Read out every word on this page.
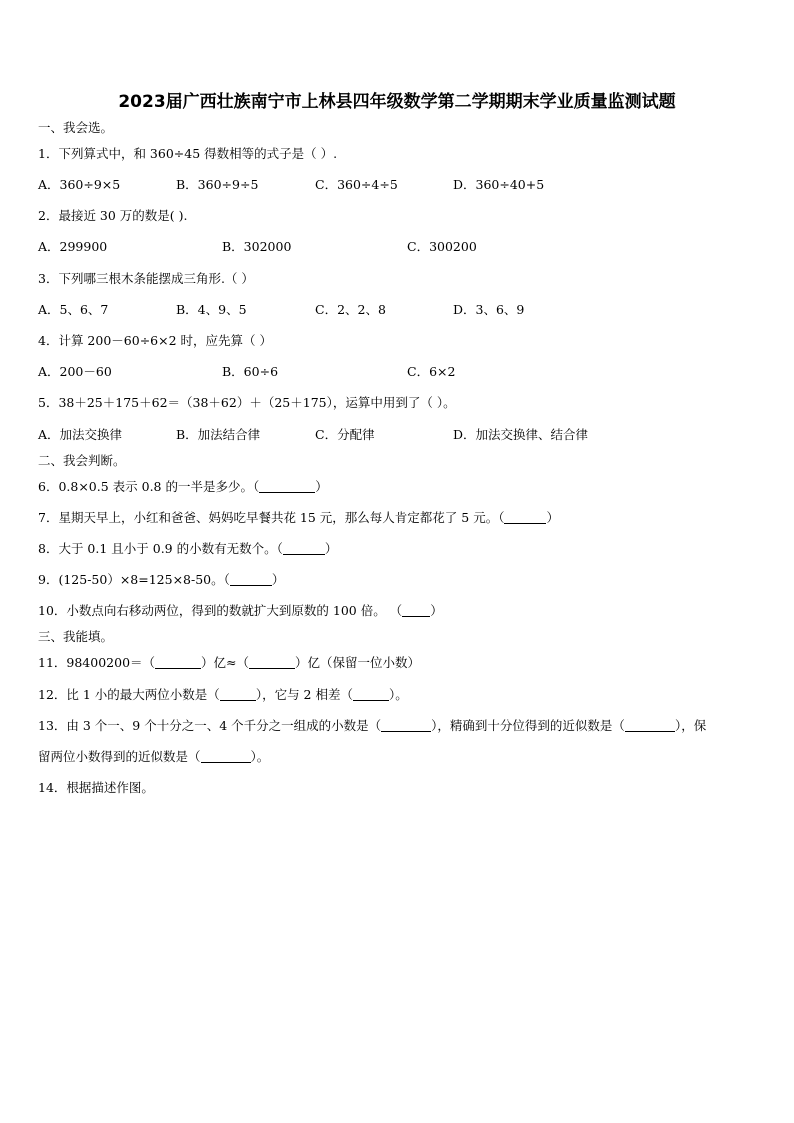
2023届广西壮族南宁市上林县四年级数学第二学期期末学业质量监测试题
一、我会选。
1．下列算式中，和 360÷45 得数相等的式子是（ ）.
A．360÷9×5	B．360÷9÷5	C．360÷4÷5	D．360÷40+5
2．最接近 30 万的数是( ).
A．299900	B．302000	C．300200
3．下列哪三根木条能摆成三角形.（ ）
A．5、6、7	B．4、9、5	C．2、2、8	D．3、6、9
4．计算 200－60÷6×2 时，应先算（ ）
A．200－60	B．60÷6	C．6×2
5．38＋25＋175＋62＝（38＋62）＋（25＋175），运算中用到了（ ）。
A．加法交换律	B．加法结合律	C．分配律	D．加法交换律、结合律
二、我会判断。
6．0.8×0.5 表示 0.8 的一半是多少。（	）
7．星期天早上，小红和爸爸、妈妈吃早餐共花 15 元，那么每人肯定都花了 5 元。（	）
8．大于 0.1 且小于 0.9 的小数有无数个。（	）
9．(125-50）×8=125×8-50。（	）
10．小数点向右移动两位，得到的数就扩大到原数的 100 倍。 （ ）
三、我能填。
11．98400200＝（	）亿≈（	）亿（保留一位小数）
12．比 1 小的最大两位小数是（	），它与 2 相差（	）。
13．由 3 个一、9 个十分之一、4 个千分之一组成的小数是（	），精确到十分位得到的近似数是（	），保
留两位小数得到的近似数是（	）。
14．根据描述作图。
